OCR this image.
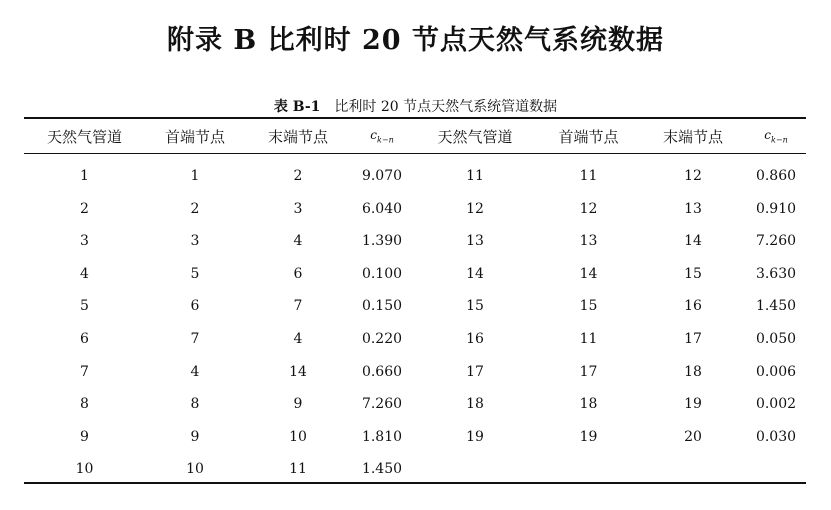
附录 B 比利时 20 节点天然气系统数据
表 B-1 比利时 20 节点天然气系统管道数据
天然气管道	首端节点	末端节点	$c_{k-n}$	天然气管道	首端节点	末端节点	$c_{k-n}$
1	1	2	9.070	11	11	12	0.860
2	2	3	6.040	12	12	13	0.910
3	3	4	1.390	13	13	14	7.260
4	5	6	0.100	14	14	15	3.630
5	6	7	0.150	15	15	16	1.450
6	7	4	0.220	16	11	17	0.050
7	4	14	0.660	17	17	18	0.006
8	8	9	7.260	18	18	19	0.002
9	9	10	1.810	19	19	20	0.030
10	10	11	1.450
